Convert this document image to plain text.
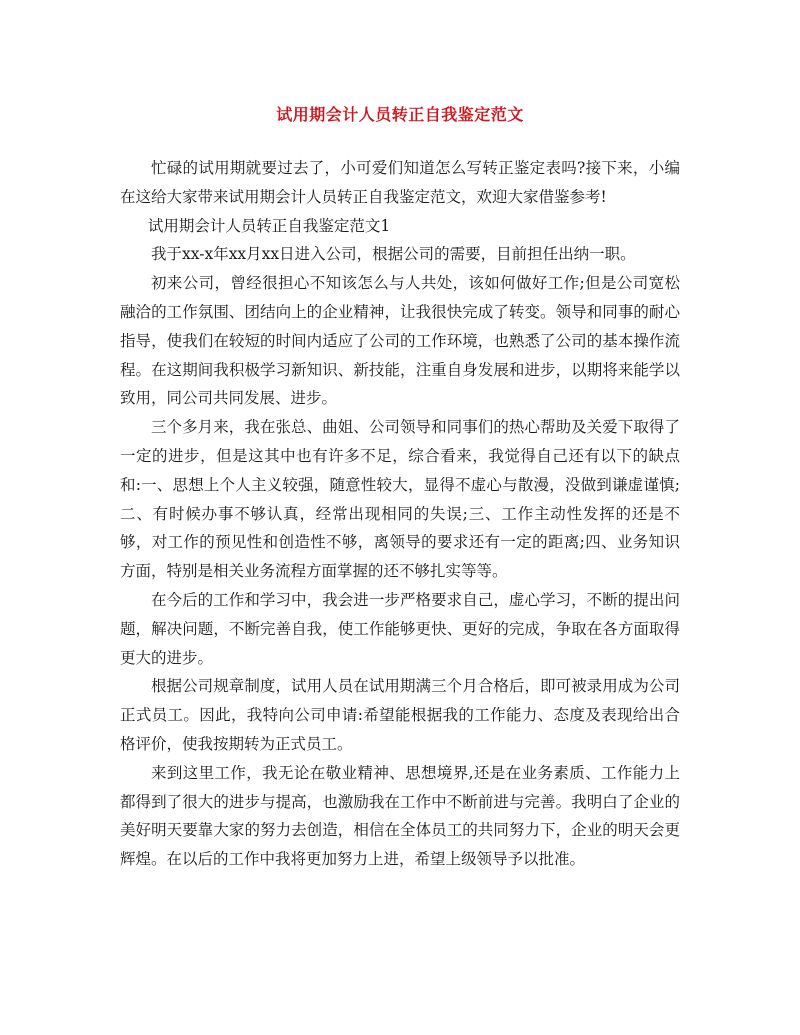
试用期会计人员转正自我鉴定范文

忙碌的试用期就要过去了，小可爱们知道怎么写转正鉴定表吗?接下来，小编在这给大家带来试用期会计人员转正自我鉴定范文，欢迎大家借鉴参考!

试用期会计人员转正自我鉴定范文1

我于xx-x年xx月xx日进入公司，根据公司的需要，目前担任出纳一职。

初来公司，曾经很担心不知该怎么与人共处，该如何做好工作;但是公司宽松融洽的工作氛围、团结向上的企业精神，让我很快完成了转变。领导和同事的耐心指导，使我们在较短的时间内适应了公司的工作环境，也熟悉了公司的基本操作流程。在这期间我积极学习新知识、新技能，注重自身发展和进步，以期将来能学以致用，同公司共同发展、进步。

三个多月来，我在张总、曲姐、公司领导和同事们的热心帮助及关爱下取得了一定的进步，但是这其中也有许多不足，综合看来，我觉得自己还有以下的缺点和:一、思想上个人主义较强，随意性较大，显得不虚心与散漫，没做到谦虚谨慎;二、有时候办事不够认真，经常出现相同的失误;三、工作主动性发挥的还是不够，对工作的预见性和创造性不够，离领导的要求还有一定的距离;四、业务知识方面，特别是相关业务流程方面掌握的还不够扎实等等。

在今后的工作和学习中，我会进一步严格要求自己，虚心学习，不断的提出问题，解决问题，不断完善自我，使工作能够更快、更好的完成，争取在各方面取得更大的进步。

根据公司规章制度，试用人员在试用期满三个月合格后，即可被录用成为公司正式员工。因此，我特向公司申请:希望能根据我的工作能力、态度及表现给出合格评价，使我按期转为正式员工。

来到这里工作，我无论在敬业精神、思想境界,还是在业务素质、工作能力上都得到了很大的进步与提高，也激励我在工作中不断前进与完善。我明白了企业的美好明天要靠大家的努力去创造，相信在全体员工的共同努力下，企业的明天会更辉煌。在以后的工作中我将更加努力上进，希望上级领导予以批准。
